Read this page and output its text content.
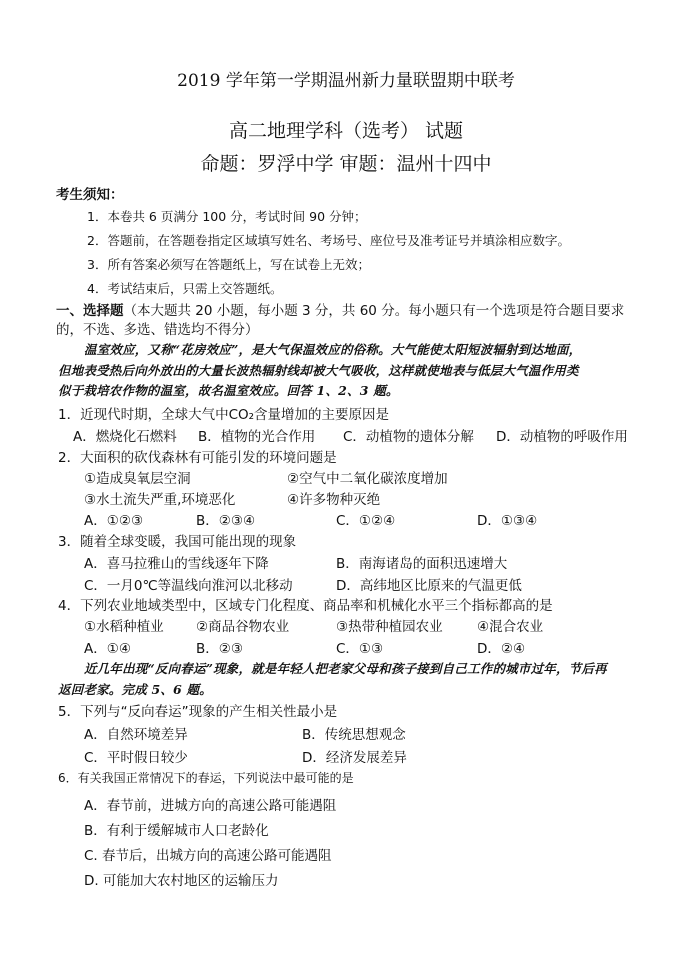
2019 学年第一学期温州新力量联盟期中联考
高二地理学科（选考） 试题
命题：罗浮中学 审题：温州十四中
考生须知：
1．本卷共 6 页满分 100 分，考试时间 90 分钟；
2．答题前，在答题卷指定区域填写姓名、考场号、座位号及准考证号并填涂相应数字。
3．所有答案必须写在答题纸上，写在试卷上无效；
4．考试结束后，只需上交答题纸。
一、选择题（本大题共 20 小题，每小题 3 分，共 60 分。每小题只有一个选项是符合题目要求
的，不选、多选、错选均不得分）
温室效应，又称“花房效应”，是大气保温效应的俗称。大气能使太阳短波辐射到达地面，
但地表受热后向外放出的大量长波热辐射线却被大气吸收，这样就使地表与低层大气温作用类
似于栽培农作物的温室，故名温室效应。回答 1、2、3 题。
1．近现代时期，全球大气中CO₂含量增加的主要原因是
A．燃烧化石燃料 B．植物的光合作用 C．动植物的遗体分解 D．动植物的呼吸作用
2．大面积的砍伐森林有可能引发的环境问题是
①造成臭氧层空洞	②空气中二氧化碳浓度增加
③水土流失严重,环境恶化	④许多物种灭绝
A．①②③	B．②③④	C．①②④	D．①③④
3．随着全球变暖，我国可能出现的现象
A．喜马拉雅山的雪线逐年下降	B．南海诸岛的面积迅速增大
C．一月0℃等温线向淮河以北移动	D．高纬地区比原来的气温更低
4．下列农业地域类型中，区域专门化程度、商品率和机械化水平三个指标都高的是
①水稻种植业 ②商品谷物农业	③热带种植园农业	④混合农业
A．①④	B．②③	C．①③	D．②④
近几年出现“反向春运”现象，就是年轻人把老家父母和孩子接到自己工作的城市过年，节后再
返回老家。完成 5、6 题。
5．下列与“反向春运”现象的产生相关性最小是
A．自然环境差异	B．传统思想观念
C．平时假日较少	D．经济发展差异
6．有关我国正常情况下的春运，下列说法中最可能的是
A．春节前，进城方向的高速公路可能遇阻
B．有利于缓解城市人口老龄化
C. 春节后，出城方向的高速公路可能遇阻
D. 可能加大农村地区的运输压力
